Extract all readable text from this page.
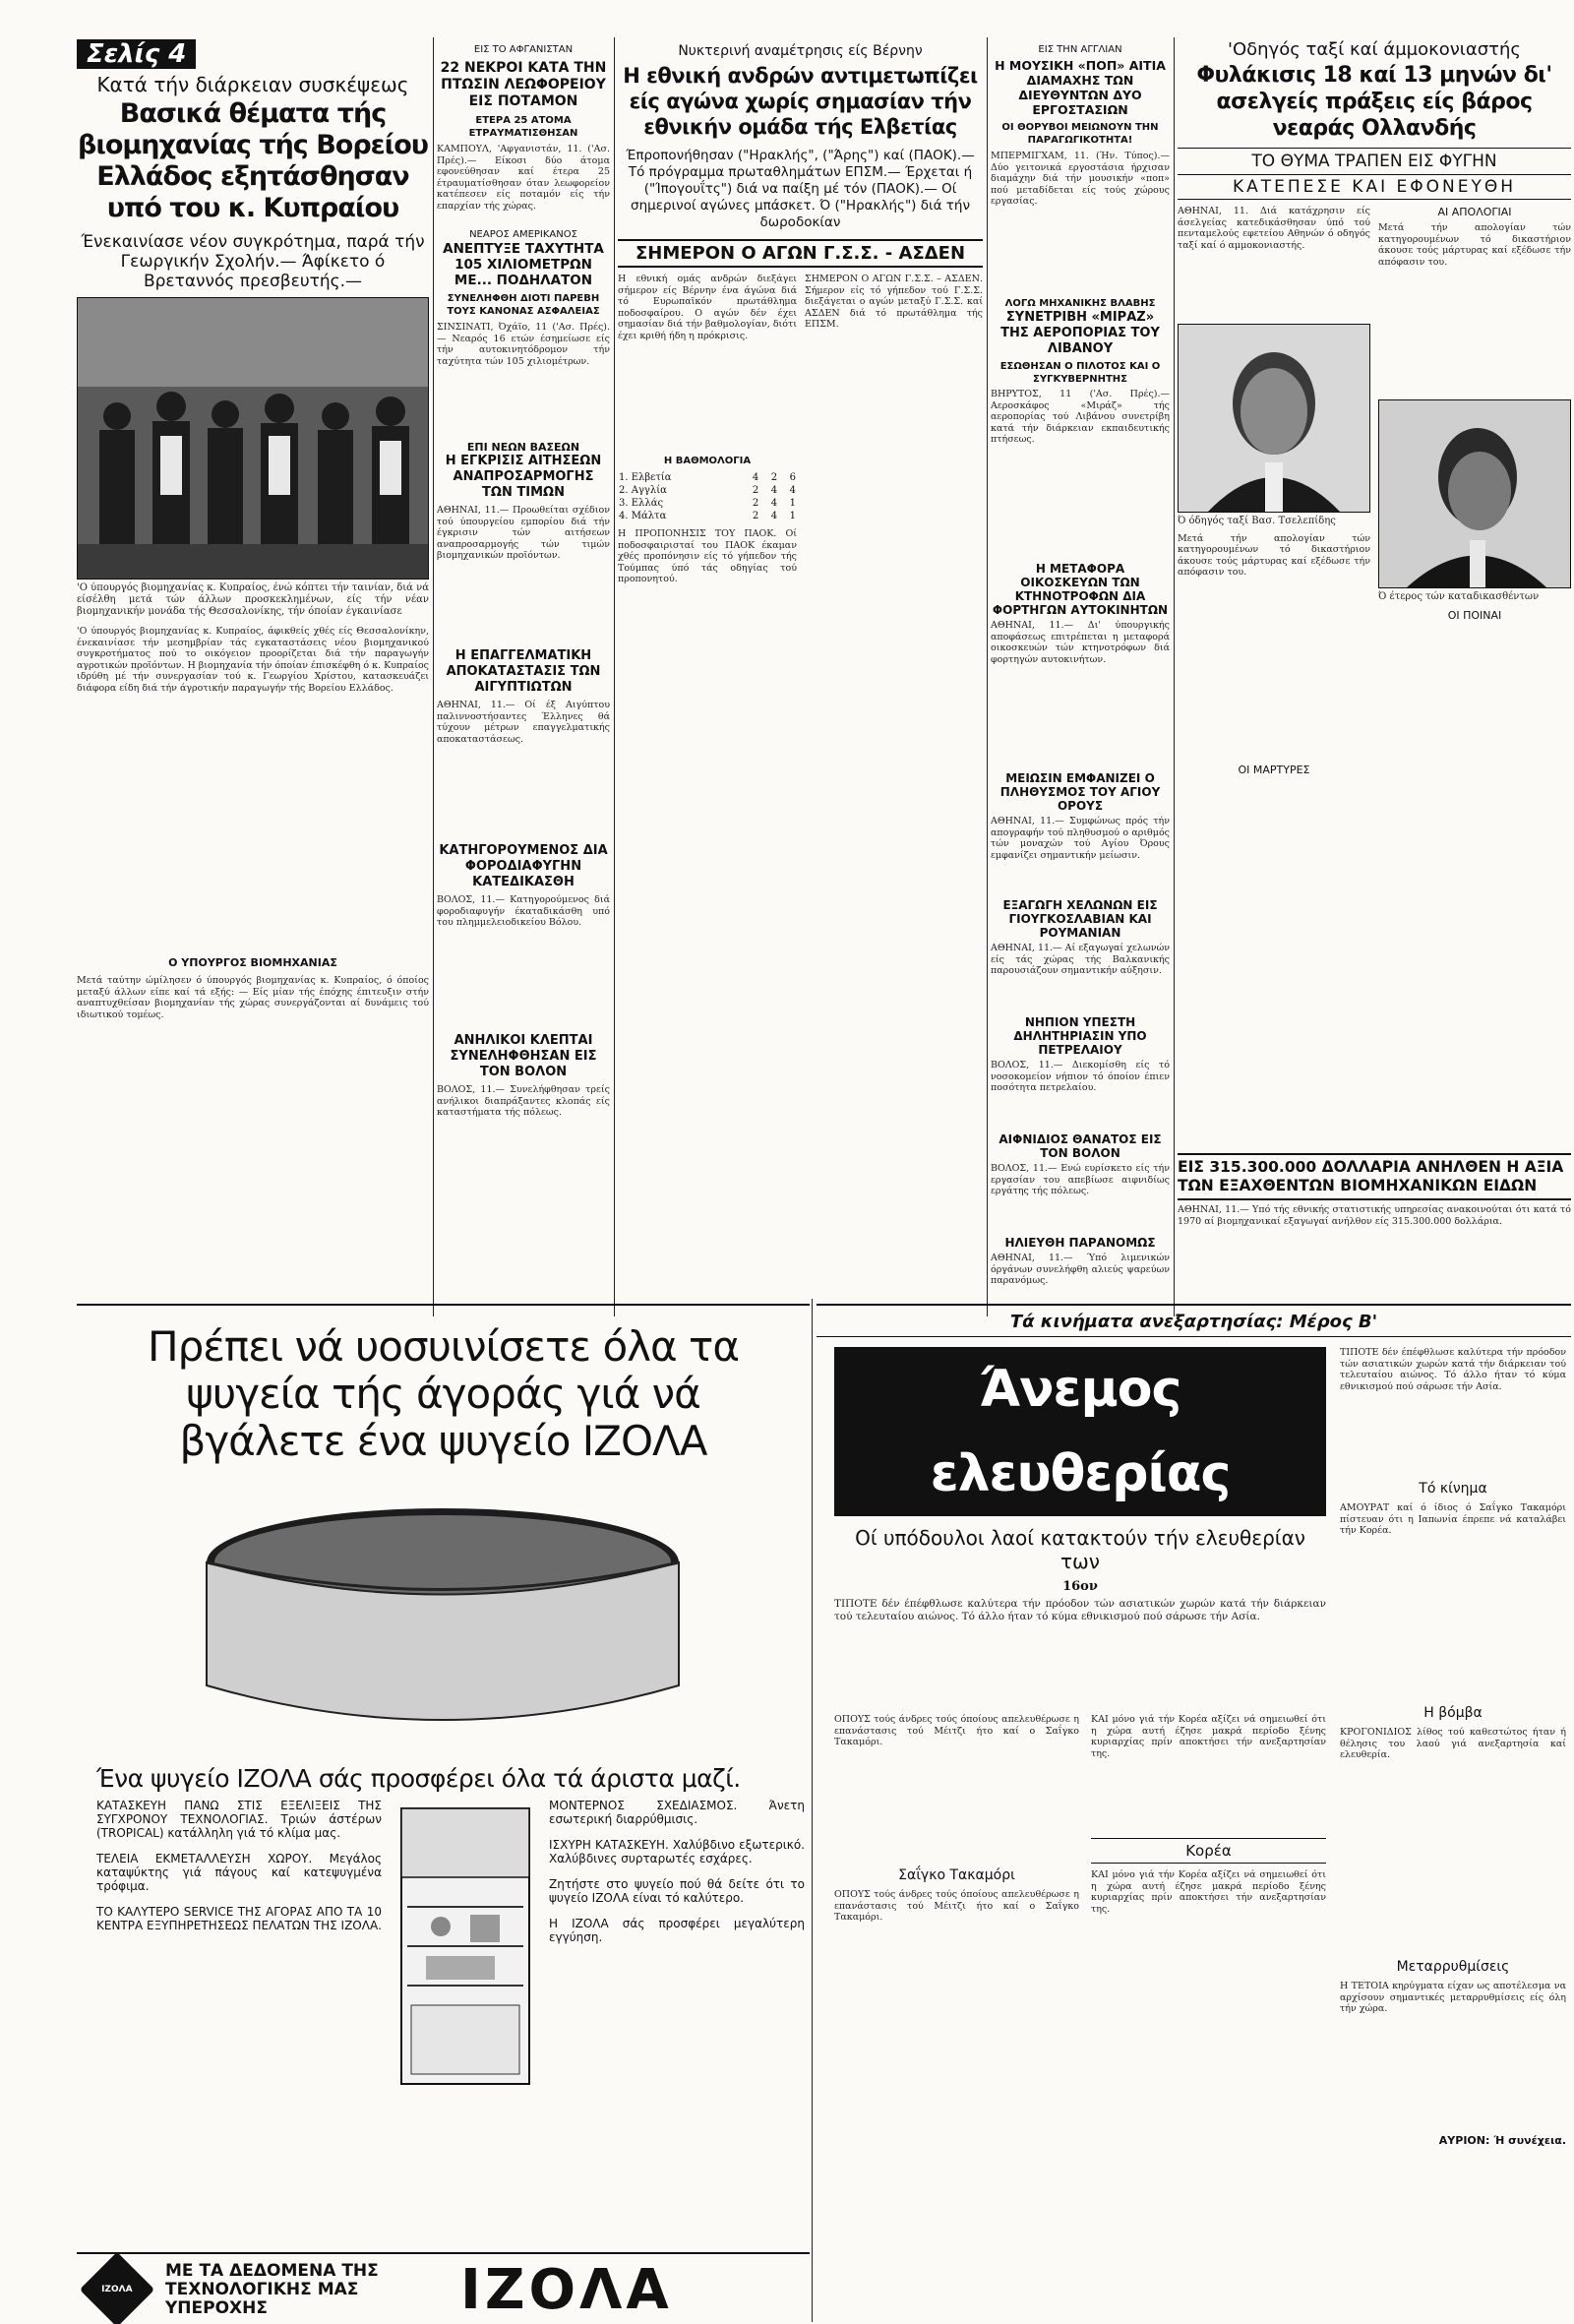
Σελίς 4
Κατά τήν διάρκειαν συσκέψεως
Βασικά θέματα τής βιομηχανίας τής Βορείου Ελλάδος εξητάσθησαν υπό του κ. Κυπραίου
Ένεκαινίασε νέον συγκρότημα, παρά τήν Γεωργικήν Σχολήν.— Άφίκετο ό Βρεταννός πρεσβευτής.—
'Ο ύπουργός βιομηχανίας κ. Κυπραίος, ένώ κόπτει τήν ταινίαν, διά νά είσέλθη μετά τών άλλων προσκεκλημένων, είς τήν νέαν βιομηχανικήν μονάδα τής Θεσσαλονίκης, τήν όποίαν έγκαινίασε
'Ο ύπουργός βιομηχανίας κ. Κυπραίος, άφικθείς χθές είς Θεσσαλονίκην, ένεκαινίασε τήν μεσημβρίαν τάς εγκαταστάσεις νέου βιομηχανικού συγκροτήματος πού το οικόγειον προορίζεται διά τήν παραγωγήν αγροτικών προϊόντων. Η βιομηχανία τήν όποίαν έπισκέφθη ό κ. Κυπραίος ιδρύθη μέ τήν συνεργασίαν τού κ. Γεωργίου Χρίστου, κατασκευάζει διάφορα είδη διά τήν άγροτικήν παραγωγήν τής Βορείου Ελλάδος.
Ο ΥΠΟΥΡΓΟΣ ΒΙΟΜΗΧΑΝΙΑΣ
Μετά ταύτην ώμίλησεν ό ύπουργός βιομηχανίας κ. Κυπραίος, ό όποίος μεταξύ άλλων είπε καί τά εξής: — Είς μίαν τής έπόχης έπιτευξιν στήν αναπτυχθείσαν βιομηχανίαν τής χώρας συνεργάζονται αί δυνάμεις τού ιδιωτικού τομέως.
ΕΙΣ ΤΟ ΑΦΓΑΝΙΣΤΑΝ
22 ΝΕΚΡΟΙ ΚΑΤΑ ΤΗΝ ΠΤΩΣΙΝ ΛΕΩΦΟΡΕΙΟΥ ΕΙΣ ΠΟΤΑΜΟΝ
ΕΤΕΡΑ 25 ΑΤΟΜΑ ΕΤΡΑΥΜΑΤΙΣΘΗΣΑΝ
ΚΑΜΠΟΥΛ, 'Αφγανιστάν, 11. ('Ασ. Πρές).— Είκοσι δύο άτομα εφονεύθησαν καί έτερα 25 έτραυματίσθησαν όταν λεωφορείον κατέπεσεν είς ποταμόν είς τήν επαρχίαν τής χώρας.
ΝΕΑΡΟΣ ΑΜΕΡΙΚΑΝΟΣ
ΑΝΕΠΤΥΞΕ ΤΑΧΥΤΗΤΑ 105 ΧΙΛΙΟΜΕΤΡΩΝ ΜΕ... ΠΟΔΗΛΑΤΟΝ
ΣΥΝΕΛΗΦΘΗ ΔΙΟΤΙ ΠΑΡΕΒΗ ΤΟΥΣ ΚΑΝΟΝΑΣ ΑΣΦΑΛΕΙΑΣ
ΣΙΝΣΙΝΑΤΙ, Όχάϊο, 11 ('Ασ. Πρές).— Νεαρός 16 ετών έσημείωσε είς τήν αυτοκινητόδρομον τήν ταχύτητα τών 105 χιλιομέτρων.
ΕΠΙ ΝΕΩΝ ΒΑΣΕΩΝ
Η ΕΓΚΡΙΣΙΣ ΑΙΤΗΣΕΩΝ ΑΝΑΠΡΟΣΑΡΜΟΓΗΣ ΤΩΝ ΤΙΜΩΝ
ΑΘΗΝΑΙ, 11.— Προωθείται σχέδιον τού ύπουργείου εμπορίου διά τήν έγκρισιν τών αιτήσεων αναπροσαρμογής τών τιμών βιομηχανικών προϊόντων.
Η ΕΠΑΓΓΕΛΜΑΤΙΚΗ ΑΠΟΚΑΤΑΣΤΑΣΙΣ ΤΩΝ ΑΙΓΥΠΤΙΩΤΩΝ
ΑΘΗΝΑΙ, 11.— Οί έξ Αιγύπτου παλιννοστήσαντες Έλληνες θά τύχουν μέτρων επαγγελματικής αποκαταστάσεως.
ΚΑΤΗΓΟΡΟΥΜΕΝΟΣ ΔΙΑ ΦΟΡΟΔΙΑΦΥΓΗΝ ΚΑΤΕΔΙΚΑΣΘΗ
ΒΟΛΟΣ, 11.— Κατηγορούμενος διά φοροδιαφυγήν έκαταδικάσθη υπό του πλημμελειοδικείου Βόλου.
ΑΝΗΛΙΚΟΙ ΚΛΕΠΤΑΙ ΣΥΝΕΛΗΦΘΗΣΑΝ ΕΙΣ ΤΟΝ ΒΟΛΟΝ
ΒΟΛΟΣ, 11.— Συνελήφθησαν τρείς ανήλικοι διαπράξαντες κλοπάς είς καταστήματα τής πόλεως.
Νυκτερινή αναμέτρησις είς Βέρνην
Η εθνική ανδρών αντιμετωπίζει είς αγώνα χωρίς σημασίαν τήν εθνικήν ομάδα τής Ελβετίας
Έπροπονήθησαν ("Ηρακλής", ("Άρης") καί (ΠΑΟΚ).— Τό πρόγραμμα πρωταθλημάτων ΕΠΣΜ.— Έρχεται ή ("Ίπογουΐτς") διά να παίξη μέ τόν (ΠΑΟΚ).— Οί σημερινοί αγώνες μπάσκετ. Ό ("Ηρακλής") διά τήν δωροδοκίαν
ΣΗΜΕΡΟΝ Ο ΑΓΩΝ Γ.Σ.Σ. - ΑΣΔΕΝ
Η εθνική ομάς ανδρών διεξάγει σήμερον είς Βέρνην ένα άγώνα διά τό Ευρωπαϊκόν πρωτάθλημα ποδοσφαίρου. Ο αγών δέν έχει σημασίαν διά τήν βαθμολογίαν, διότι έχει κριθή ήδη η πρόκρισις.
Η ΒΑΘΜΟΛΟΓΙΑ
1. Ελβετία	4	2	6
2. Αγγλία	2	4	4
3. Ελλάς	2	4	1
4. Μάλτα	2	4	1
Η ΠΡΟΠΟΝΗΣΙΣ ΤΟΥ ΠΑΟΚ. Οί ποδοσφαιρισταί του ΠΑΟΚ έκαμαν χθές προπόνησιν είς τό γήπεδον τής Τούμπας ύπό τάς οδηγίας τού προπονητού.
ΣΗΜΕΡΟΝ Ο ΑΓΩΝ Γ.Σ.Σ. – ΑΣΔΕΝ. Σήμερον είς τό γήπεδον τού Γ.Σ.Σ. διεξάγεται ο αγών μεταξύ Γ.Σ.Σ. καί ΑΣΔΕΝ διά τό πρωτάθλημα τής ΕΠΣΜ.
ΕΙΣ ΤΗΝ ΑΓΓΛΙΑΝ
Η ΜΟΥΣΙΚΗ «ΠΟΠ» ΑΙΤΙΑ ΔΙΑΜΑΧΗΣ ΤΩΝ ΔΙΕΥΘΥΝΤΩΝ ΔΥΟ ΕΡΓΟΣΤΑΣΙΩΝ
ΟΙ ΘΟΡΥΒΟΙ ΜΕΙΩΝΟΥΝ ΤΗΝ ΠΑΡΑΓΩΓΙΚΟΤΗΤΑ!
ΜΠΕΡΜΙΓΧΑΜ, 11. (Ήν. Τύπος).— Δύο γειτονικά εργοστάσια ήρχισαν διαμάχην διά τήν μουσικήν «ποπ» πού μεταδίδεται είς τούς χώρους εργασίας.
ΛΟΓΩ ΜΗΧΑΝΙΚΗΣ ΒΛΑΒΗΣ
ΣΥΝΕΤΡΙΒΗ «ΜΙΡΑΖ» ΤΗΣ ΑΕΡΟΠΟΡΙΑΣ ΤΟΥ ΛΙΒΑΝΟΥ
ΕΣΩΘΗΣΑΝ Ο ΠΙΛΟΤΟΣ ΚΑΙ Ο ΣΥΓΚΥΒΕΡΝΗΤΗΣ
ΒΗΡΥΤΟΣ, 11 ('Ασ. Πρές).— Αεροσκάφος «Μιράζ» τής αεροπορίας τού Λιβάνου συνετρίβη κατά τήν διάρκειαν εκπαιδευτικής πτήσεως.
Η ΜΕΤΑΦΟΡΑ ΟΙΚΟΣΚΕΥΩΝ ΤΩΝ ΚΤΗΝΟΤΡΟΦΩΝ ΔΙΑ ΦΟΡΤΗΓΩΝ ΑΥΤΟΚΙΝΗΤΩΝ
ΑΘΗΝΑΙ, 11.— Δι' ύπουργικής αποφάσεως επιτρέπεται η μεταφορά οικοσκευών τών κτηνοτρόφων διά φορτηγών αυτοκινήτων.
ΜΕΙΩΣΙΝ ΕΜΦΑΝΙΖΕΙ Ο ΠΛΗΘΥΣΜΟΣ ΤΟΥ ΑΓΙΟΥ ΟΡΟΥΣ
ΑΘΗΝΑΙ, 11.— Συμφώνως πρός τήν απογραφήν τού πληθυσμού ο αριθμός τών μοναχών τού Αγίου Όρους εμφανίζει σημαντικήν μείωσιν.
ΕΞΑΓΩΓΗ ΧΕΛΩΝΩΝ ΕΙΣ ΓΙΟΥΓΚΟΣΛΑΒΙΑΝ ΚΑΙ ΡΟΥΜΑΝΙΑΝ
ΑΘΗΝΑΙ, 11.— Αί εξαγωγαί χελωνών είς τάς χώρας τής Βαλκανικής παρουσιάζουν σημαντικήν αύξησιν.
ΝΗΠΙΟΝ ΥΠΕΣΤΗ ΔΗΛΗΤΗΡΙΑΣΙΝ ΥΠΟ ΠΕΤΡΕΛΑΙΟΥ
ΒΟΛΟΣ, 11.— Διεκομίσθη είς τό νοσοκομείον νήπιον τό όποίον έπιεν ποσότητα πετρελαίου.
ΑΙΦΝΙΔΙΟΣ ΘΑΝΑΤΟΣ ΕΙΣ ΤΟΝ ΒΟΛΟΝ
ΒΟΛΟΣ, 11.— Ενώ ευρίσκετο είς τήν εργασίαν του απεβίωσε αιφνιδίως εργάτης τής πόλεως.
ΗΛΙΕΥΘΗ ΠΑΡΑΝΟΜΩΣ
ΑΘΗΝΑΙ, 11.— Ύπό λιμενικών όργάνων συνελήφθη αλιεύς ψαρεύων παρανόμως.
'Οδηγός ταξί καί άμμοκονιαστής
Φυλάκισις 18 καί 13 μηνών δι' ασελγείς πράξεις είς βάρος νεαράς Ολλανδής
ΤΟ ΘΥΜΑ ΤΡΑΠΕΝ ΕΙΣ ΦΥΓΗΝ
ΚΑΤΕΠΕΣΕ ΚΑΙ ΕΦΟΝΕΥΘΗ
ΑΘΗΝΑΙ, 11. Διά κατάχρησιν είς άσελγείας κατεδικάσθησαν ύπό τού πενταμελούς εφετείου Αθηνών ό οδηγός ταξί καί ό αμμοκονιαστής.
Ό όδηγός ταξί Βασ. Τσελεπίδης
Μετά τήν απολογίαν τών κατηγορουμένων τό δικαστήριον άκουσε τούς μάρτυρας καί εξέδωσε τήν απόφασιν του.
ΟΙ ΜΑΡΤΥΡΕΣ
ΑΙ ΑΠΟΛΟΓΙΑΙ
Μετά τήν απολογίαν τών κατηγορουμένων τό δικαστήριον άκουσε τούς μάρτυρας καί εξέδωσε τήν απόφασιν του.
Ό έτερος τών καταδικασθέντων
ΟΙ ΠΟΙΝΑΙ
ΕΙΣ 315.300.000 ΔΟΛΛΑΡΙΑ ΑΝΗΛΘΕΝ Η ΑΞΙΑ ΤΩΝ ΕΞΑΧΘΕΝΤΩΝ ΒΙΟΜΗΧΑΝΙΚΩΝ ΕΙΔΩΝ
ΑΘΗΝΑΙ, 11.— Υπό τής εθνικής στατιστικής υπηρεσίας ανακοινούται ότι κατά τό 1970 αί βιομηχανικαί εξαγωγαί ανήλθον είς 315.300.000 δολλάρια.
Πρέπει νά υοσυινίσετε όλα τα ψυγεία τής άγοράς γιά νά βγάλετε ένα ψυγείο ΙΖΟΛΑ
Ένα ψυγείο ΙΖΟΛΑ σάς προσφέρει όλα τά άριστα μαζί.
ΚΑΤΑΣΚΕΥΗ ΠΑΝΩ ΣΤΙΣ ΕΞΕΛΙΞΕΙΣ ΤΗΣ ΣΥΓΧΡΟΝΟΥ ΤΕΧΝΟΛΟΓΙΑΣ. Τριών άστέρων (TROPICAL) κατάλληλη γιά τό κλίμα μας.
ΤΕΛΕΙΑ ΕΚΜΕΤΑΛΛΕΥΣΗ ΧΩΡΟΥ. Μεγάλος καταψύκτης γιά πάγους καί κατεψυγμένα τρόφιμα.
ΤΟ ΚΑΛΥΤΕΡΟ SERVICE ΤΗΣ ΑΓΟΡΑΣ ΑΠΟ ΤΑ 10 ΚΕΝΤΡΑ ΕΞΥΠΗΡΕΤΗΣΕΩΣ ΠΕΛΑΤΩΝ ΤΗΣ ΙΖΟΛΑ.
ΜΟΝΤΕΡΝΟΣ ΣΧΕΔΙΑΣΜΟΣ. Άνετη εσωτερική διαρρύθμισις.
ΙΣΧΥΡΗ ΚΑΤΑΣΚΕΥΗ. Χαλύβδινο εξωτερικό. Χαλύβδινες συρταρωτές εσχάρες.
Ζητήστε στο ψυγείο πού θά δείτε ότι το ψυγείο ΙΖΟΛΑ είναι τό καλύτερο.
Η ΙΖΟΛΑ σάς προσφέρει μεγαλύτερη εγγύηση.
ΙΖΟΛΑ
ΜΕ ΤΑ ΔΕΔΟΜΕΝΑ ΤΗΣ ΤΕΧΝΟΛΟΓΙΚΗΣ ΜΑΣ ΥΠΕΡΟΧΗΣ	ΙΖΟΛΑ
Τά κινήματα ανεξαρτησίας: Μέρος Β'
Άνεμος ελευθερίας
Οί υπόδουλοι λαοί κατακτούν τήν ελευθερίαν των
16ον
ΤΙΠΟΤΕ δέν έπέφθλωσε καλύτερα τήν πρόοδον τών ασιατικών χωρών κατά τήν διάρκειαν τού τελευταίου αιώνος. Τό άλλο ήταν τό κύμα εθνικισμού πού σάρωσε τήν Ασία.
ΟΠΟΥΣ τούς άνδρες τούς όποίους απελευθέρωσε η επανάστασις τού Μέιτζι ήτο καί ο Σαΐγκο Τακαμόρι.
Σαΐγκο Τακαμόρι
ΟΠΟΥΣ τούς άνδρες τούς όποίους απελευθέρωσε η επανάστασις τού Μέιτζι ήτο καί ο Σαΐγκο Τακαμόρι.
ΚΑΙ μόνο γιά τήν Κορέα αξίζει νά σημειωθεί ότι η χώρα αυτή έζησε μακρά περίοδο ξένης κυριαρχίας πρίν αποκτήσει τήν ανεξαρτησίαν της.
Κορέα
ΚΑΙ μόνο γιά τήν Κορέα αξίζει νά σημειωθεί ότι η χώρα αυτή έζησε μακρά περίοδο ξένης κυριαρχίας πρίν αποκτήσει τήν ανεξαρτησίαν της.
ΤΙΠΟΤΕ δέν έπέφθλωσε καλύτερα τήν πρόοδον τών ασιατικών χωρών κατά τήν διάρκειαν τού τελευταίου αιώνος. Τό άλλο ήταν τό κύμα εθνικισμού πού σάρωσε τήν Ασία.
Τό κίνημα
ΑΜΟΥΡΑΤ καί ό ίδιος ό Σαΐγκο Τακαμόρι πίστευαν ότι η Ιαπωνία έπρεπε νά καταλάβει τήν Κορέα.
Η βόμβα
ΚΡΟΓΟΝΙΔΙΟΣ λίθος τού καθεστώτος ήταν ή θέλησις του λαού γιά ανεξαρτησία καί ελευθερία.
Μεταρρυθμίσεις
Η ΤΕΤΟΙΑ κηρύγματα είχαν ως αποτέλεσμα να αρχίσουν σημαντικές μεταρρυθμίσεις είς όλη τήν χώρα.
ΑΥΡΙΟΝ: Ή συνέχεια.
